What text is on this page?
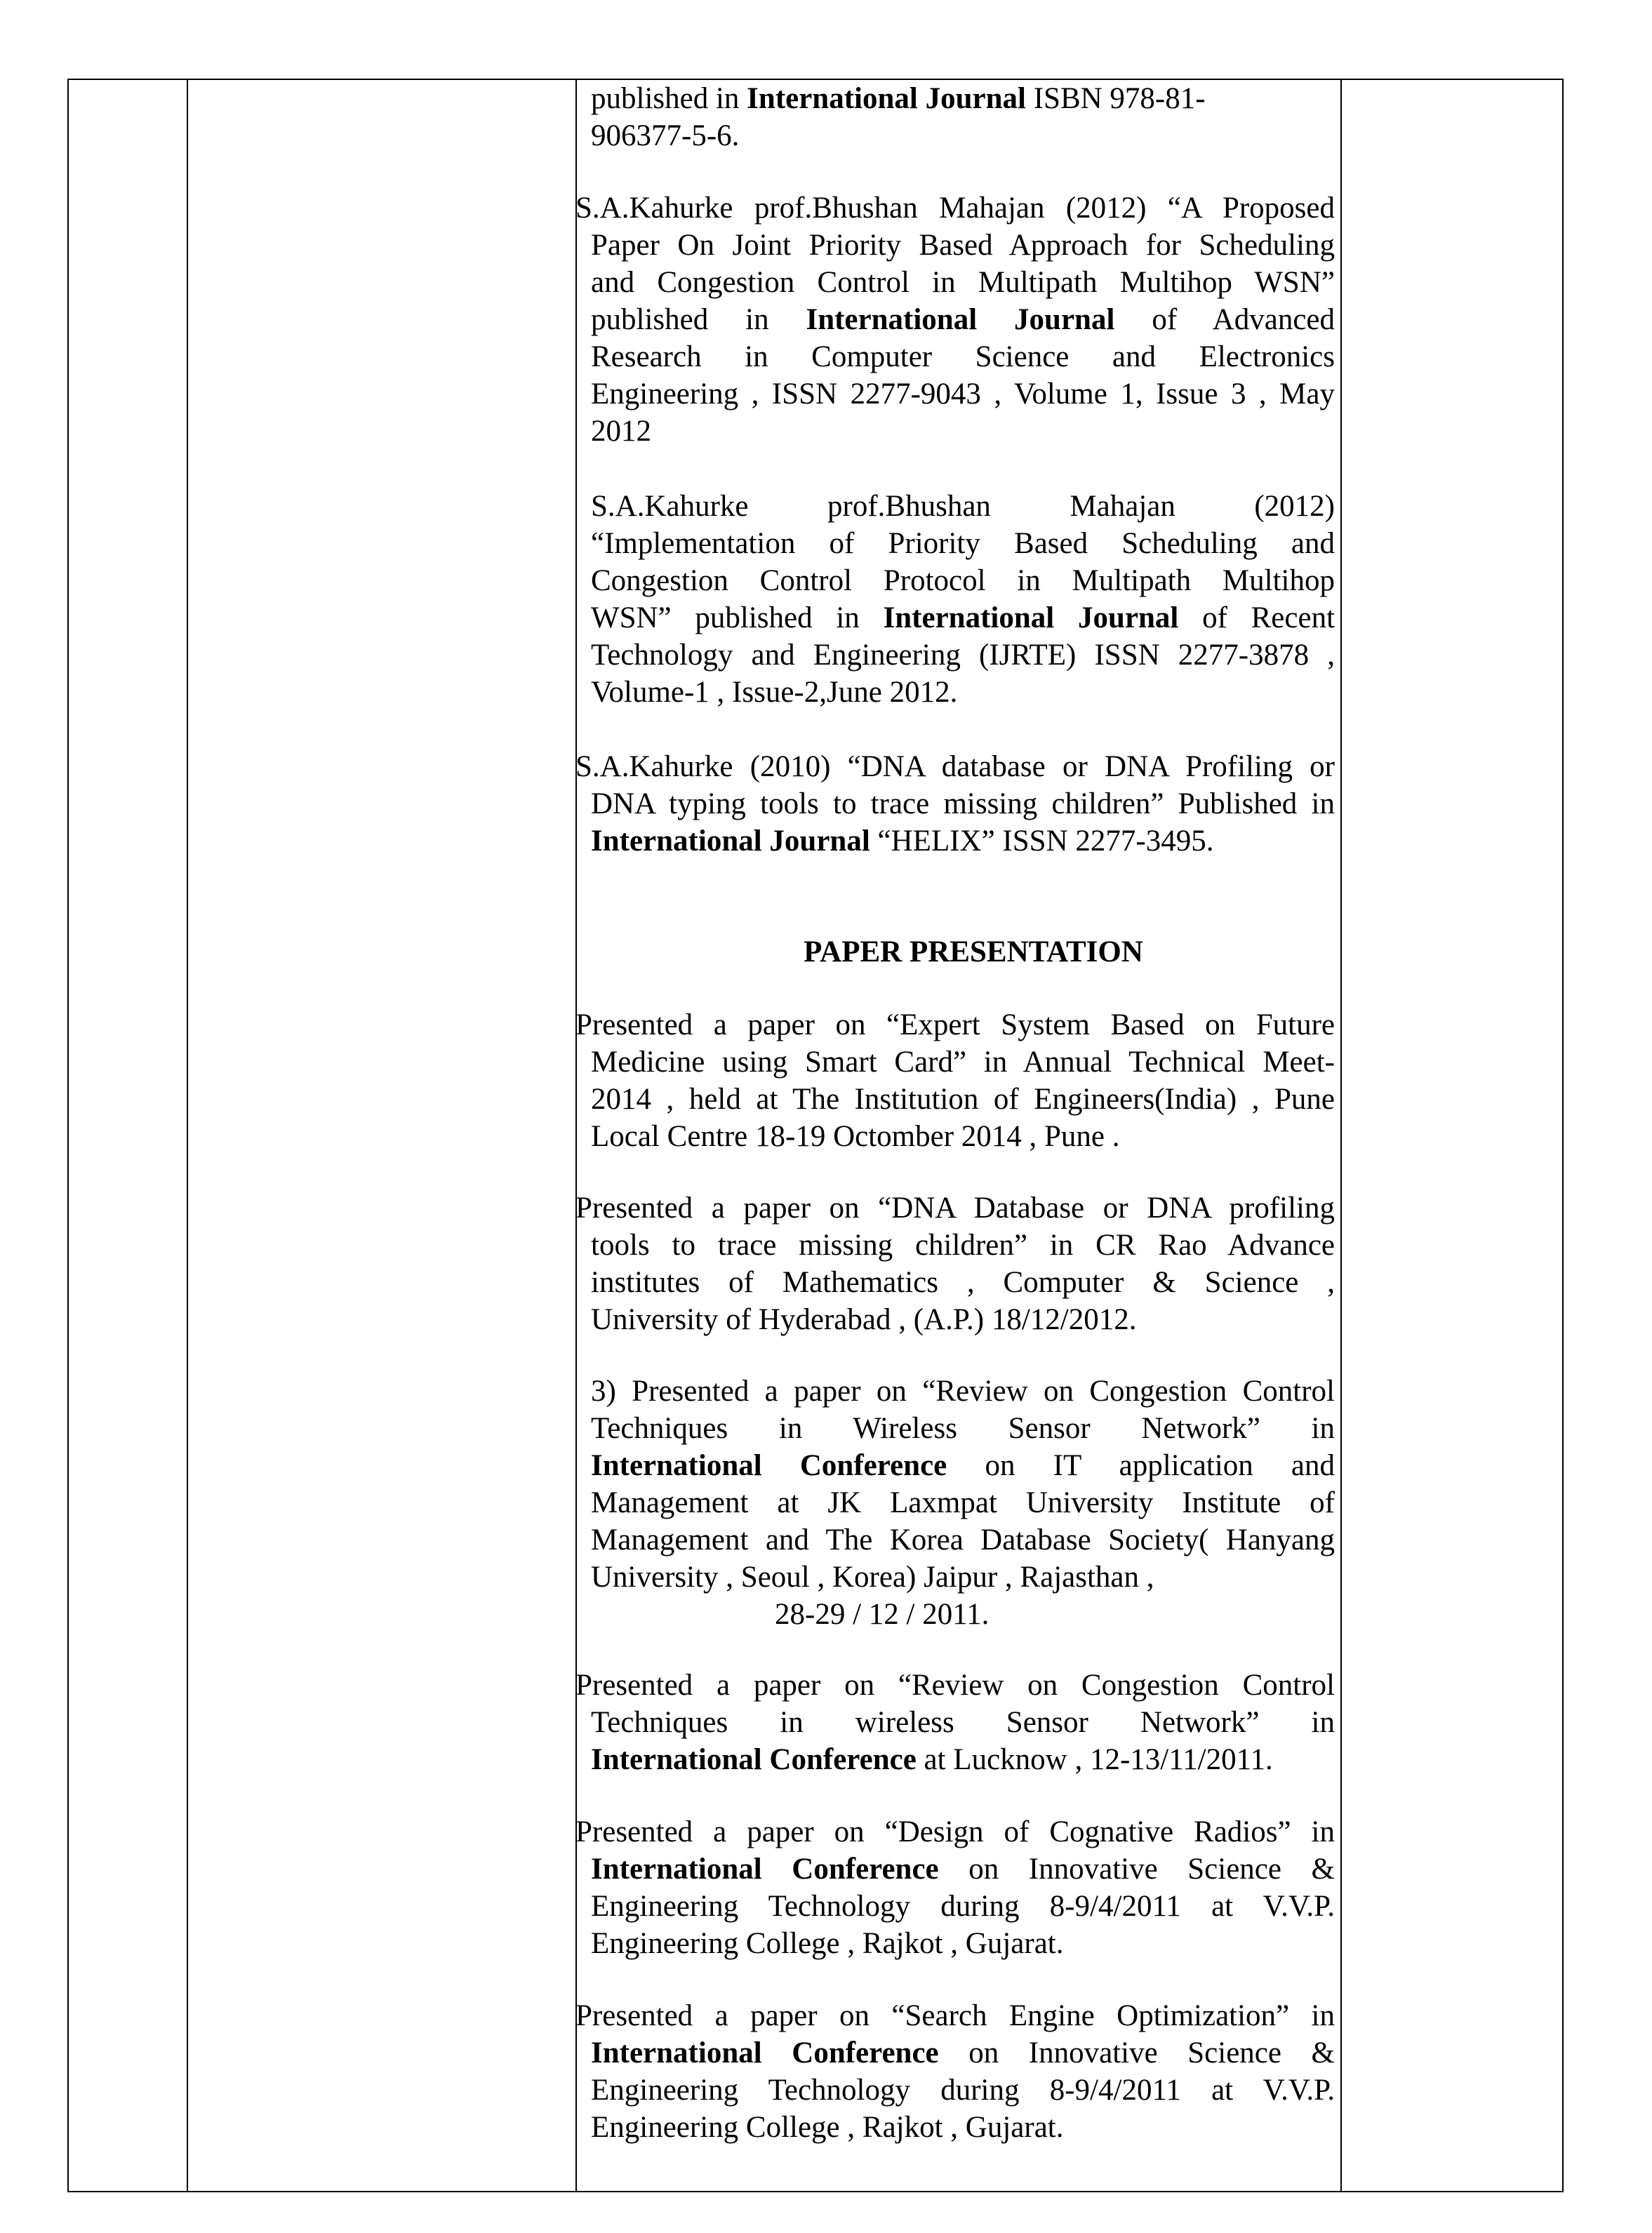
published in International Journal ISBN 978-81-
906377-5-6.
S.A.Kahurke prof.Bhushan Mahajan (2012) “A Proposed
Paper On Joint Priority Based Approach for Scheduling
and Congestion Control in Multipath Multihop WSN”
published in International Journal of Advanced
Research in Computer Science and Electronics
Engineering , ISSN 2277-9043 , Volume 1, Issue 3 , May
2012
S.A.Kahurke prof.Bhushan Mahajan (2012)
“Implementation of Priority Based Scheduling and
Congestion Control Protocol in Multipath Multihop
WSN” published in International Journal of Recent
Technology and Engineering (IJRTE) ISSN 2277-3878 ,
Volume-1 , Issue-2,June 2012.
S.A.Kahurke (2010) “DNA database or DNA Profiling or
DNA typing tools to trace missing children” Published in
International Journal “HELIX” ISSN 2277-3495.
PAPER PRESENTATION
Presented a paper on “Expert System Based on Future
Medicine using Smart Card” in Annual Technical Meet-
2014 , held at The Institution of Engineers(India) , Pune
Local Centre 18-19 Octomber 2014 , Pune .
Presented a paper on “DNA Database or DNA profiling
tools to trace missing children” in CR Rao Advance
institutes of Mathematics , Computer & Science ,
University of Hyderabad , (A.P.) 18/12/2012.
3) Presented a paper on “Review on Congestion Control
Techniques in Wireless Sensor Network” in
International Conference on IT application and
Management at JK Laxmpat University Institute of
Management and The Korea Database Society( Hanyang
University , Seoul , Korea) Jaipur , Rajasthan ,
28-29 / 12 / 2011.
Presented a paper on “Review on Congestion Control
Techniques in wireless Sensor Network” in
International Conference at Lucknow , 12-13/11/2011.
Presented a paper on “Design of Cognative Radios” in
International Conference on Innovative Science &
Engineering Technology during 8-9/4/2011 at V.V.P.
Engineering College , Rajkot , Gujarat.
Presented a paper on “Search Engine Optimization” in
International Conference on Innovative Science &
Engineering Technology during 8-9/4/2011 at V.V.P.
Engineering College , Rajkot , Gujarat.
